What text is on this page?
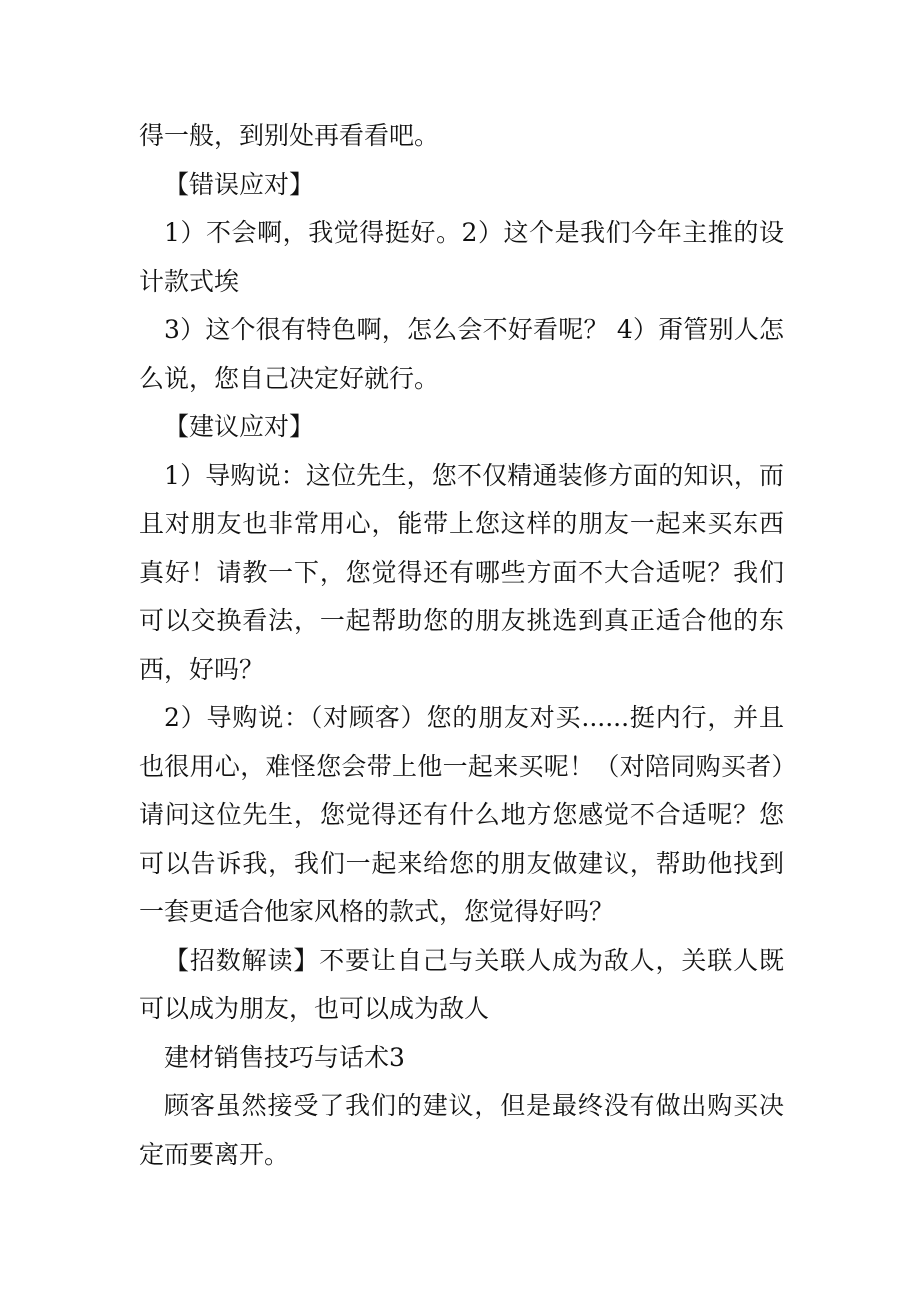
得一般，到别处再看看吧。

【错误应对】

1）不会啊，我觉得挺好。2）这个是我们今年主推的设计款式埃

3）这个很有特色啊，怎么会不好看呢？ 4）甭管别人怎么说，您自己决定好就行。

【建议应对】

1）导购说：这位先生，您不仅精通装修方面的知识，而且对朋友也非常用心，能带上您这样的朋友一起来买东西真好！请教一下，您觉得还有哪些方面不大合适呢？我们可以交换看法，一起帮助您的朋友挑选到真正适合他的东西，好吗？

2）导购说：（对顾客）您的朋友对买......挺内行，并且也很用心，难怪您会带上他一起来买呢！（对陪同购买者）请问这位先生，您觉得还有什么地方您感觉不合适呢？您可以告诉我，我们一起来给您的朋友做建议，帮助他找到一套更适合他家风格的款式，您觉得好吗？

【招数解读】不要让自己与关联人成为敌人，关联人既可以成为朋友，也可以成为敌人

建材销售技巧与话术3

顾客虽然接受了我们的建议，但是最终没有做出购买决定而要离开。
